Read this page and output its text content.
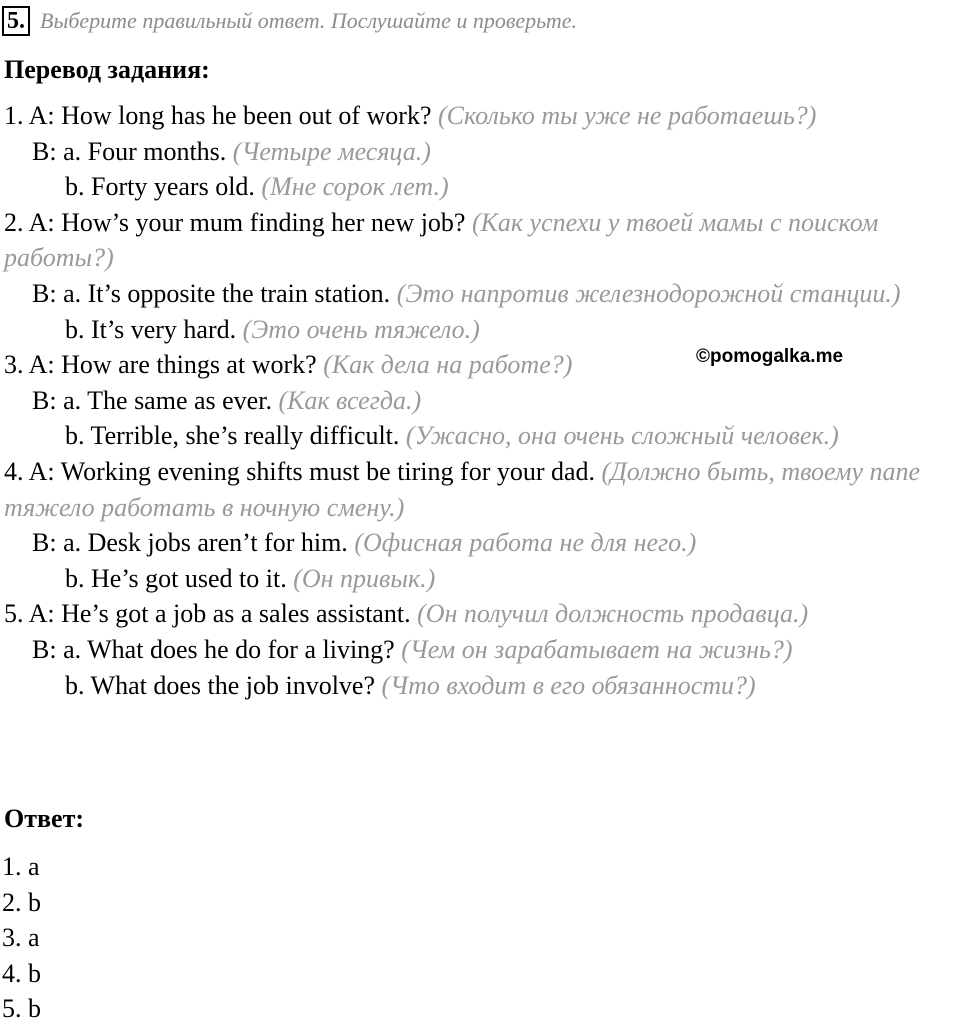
5. Выберите правильный ответ. Послушайте и проверьте.
Перевод задания:

1. A: How long has he been out of work? (Сколько ты уже не работаешь?)

B: a. Four months. (Четыре месяца.)

b. Forty years old. (Мне сорок лет.)

2. A: How’s your mum finding her new job? (Как успехи у твоей мамы с поиском работы?)

B: a. It’s opposite the train station. (Это напротив железнодорожной станции.)

b. It’s very hard. (Это очень тяжело.)

3. A: How are things at work? (Как дела на работе?)

B: a. The same as ever. (Как всегда.)

b. Terrible, she’s really difficult. (Ужасно, она очень сложный человек.)

4. A: Working evening shifts must be tiring for your dad. (Должно быть, твоему папе тяжело работать в ночную смену.)

B: a. Desk jobs aren’t for him. (Офисная работа не для него.)

b. He’s got used to it. (Он привык.)

5. A: He’s got a job as a sales assistant. (Он получил должность продавца.)

B: a. What does he do for a living? (Чем он зарабатывает на жизнь?)

b. What does the job involve? (Что входит в его обязанности?)

©pomogalka.me
Ответ:
1. a
2. b
3. a
4. b
5. b
